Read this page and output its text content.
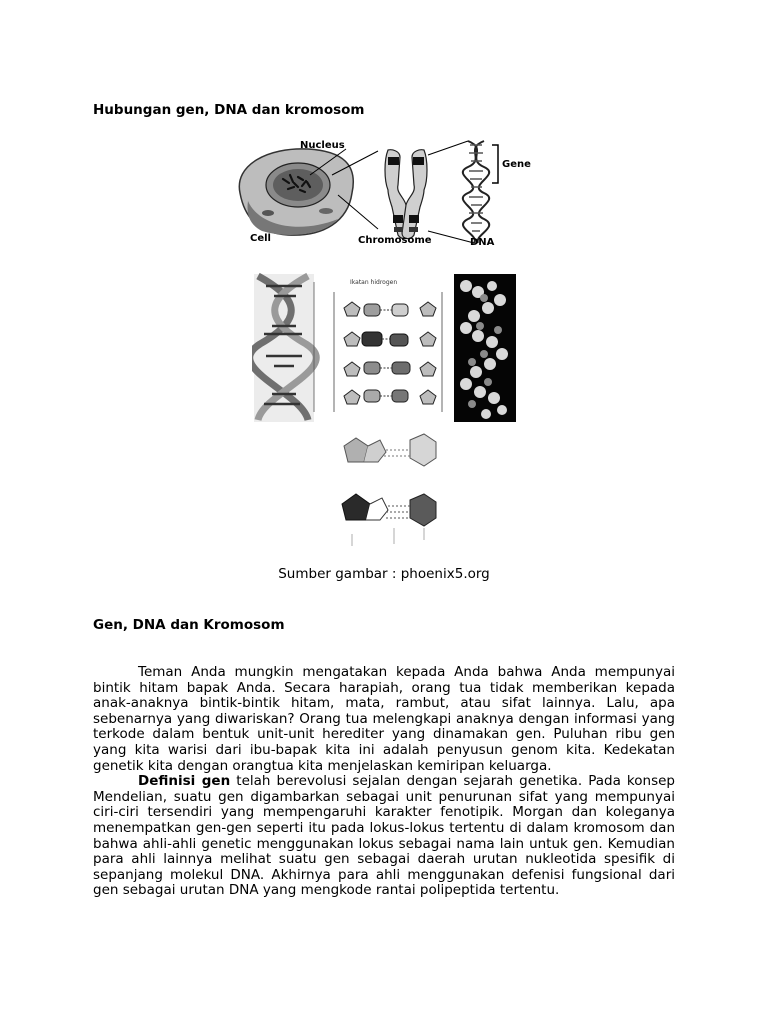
Hubungan gen, DNA dan kromosom
Nucleus
Cell	Chromosome
Gene
DNA
Ikatan hidrogen
Sumber gambar : phoenix5.org
Gen, DNA dan Kromosom

Teman Anda mungkin mengatakan kepada Anda bahwa Anda mempunyai bintik hitam bapak Anda. Secara harapiah, orang tua tidak memberikan kepada anak-anaknya bintik-bintik hitam, mata, rambut, atau sifat lainnya. Lalu, apa sebenarnya yang diwariskan? Orang tua melengkapi anaknya dengan informasi yang terkode dalam bentuk unit-unit herediter yang dinamakan gen. Puluhan ribu gen yang kita warisi dari ibu-bapak kita ini adalah penyusun genom kita. Kedekatan genetik kita dengan orangtua kita menjelaskan kemiripan keluarga.

Definisi gen telah berevolusi sejalan dengan sejarah genetika. Pada konsep Mendelian, suatu gen digambarkan sebagai unit penurunan sifat yang mempunyai ciri-ciri tersendiri yang mempengaruhi karakter fenotipik. Morgan dan koleganya menempatkan gen-gen seperti itu pada lokus-lokus tertentu di dalam kromosom dan bahwa ahli-ahli genetic menggunakan lokus sebagai nama lain untuk gen. Kemudian para ahli lainnya melihat suatu gen sebagai daerah urutan nukleotida spesifik di sepanjang molekul DNA. Akhirnya para ahli menggunakan defenisi fungsional dari gen sebagai urutan DNA yang mengkode rantai polipeptida tertentu.
